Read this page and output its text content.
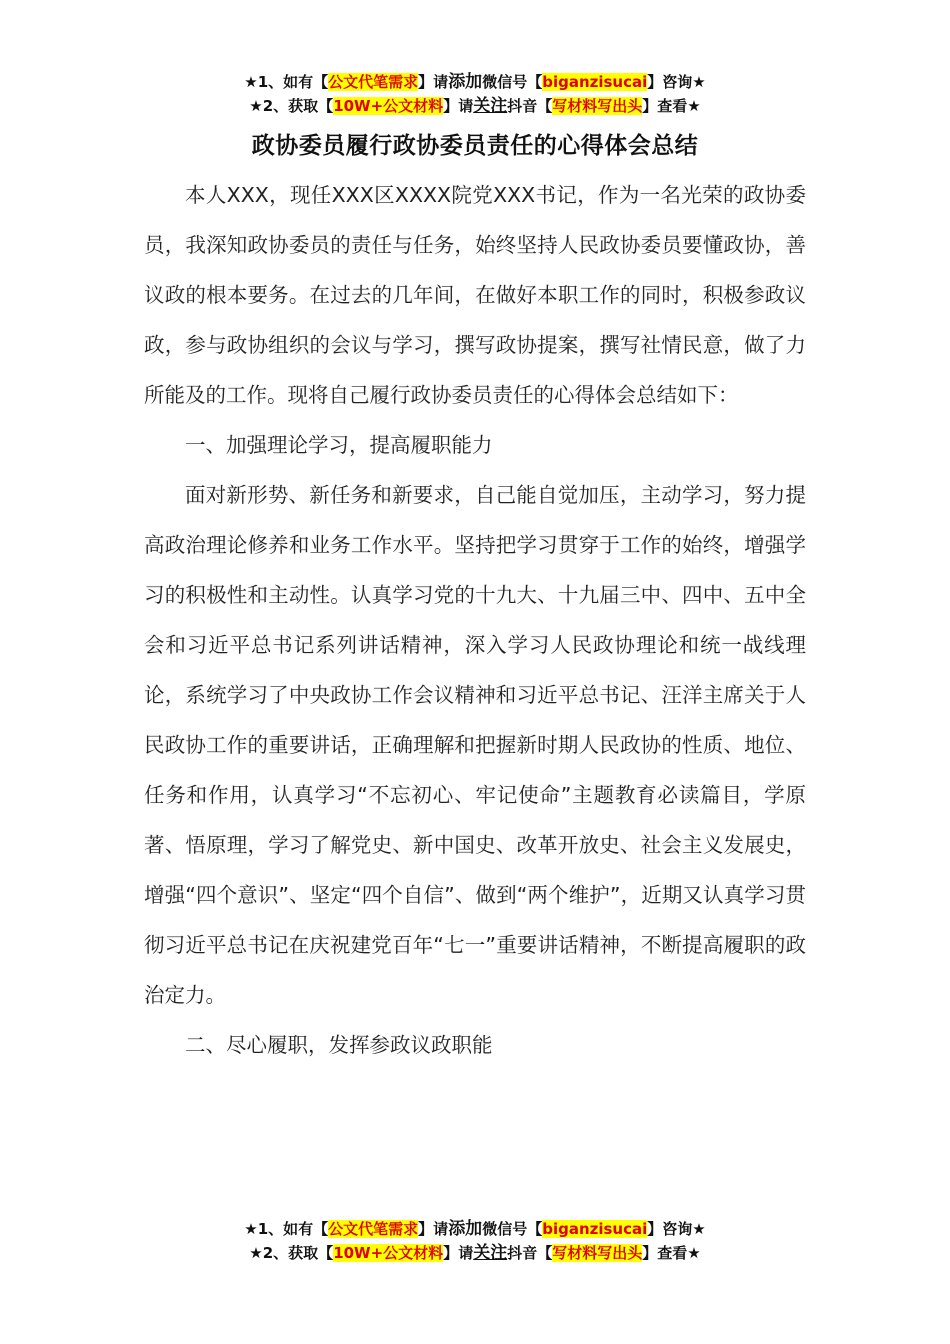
★1、如有【公文代笔需求】请添加微信号【biganzisucai】咨询★
★2、获取【10W+公文材料】请关注抖音【写材料写出头】查看★
政协委员履行政协委员责任的心得体会总结

本人XXX，现任XXX区XXXX院党XXX书记，作为一名光荣的政协委员，我深知政协委员的责任与任务，始终坚持人民政协委员要懂政协，善议政的根本要务。在过去的几年间，在做好本职工作的同时，积极参政议政，参与政协组织的会议与学习，撰写政协提案，撰写社情民意，做了力所能及的工作。现将自己履行政协委员责任的心得体会总结如下：

一、加强理论学习，提高履职能力

面对新形势、新任务和新要求，自己能自觉加压，主动学习，努力提高政治理论修养和业务工作水平。坚持把学习贯穿于工作的始终，增强学习的积极性和主动性。认真学习党的十九大、十九届三中、四中、五中全会和习近平总书记系列讲话精神，深入学习人民政协理论和统一战线理论，系统学习了中央政协工作会议精神和习近平总书记、汪洋主席关于人民政协工作的重要讲话，正确理解和把握新时期人民政协的性质、地位、任务和作用，认真学习“不忘初心、牢记使命”主题教育必读篇目，学原著、悟原理，学习了解党史、新中国史、改革开放史、社会主义发展史，增强“四个意识”、坚定“四个自信”、做到“两个维护”，近期又认真学习贯彻习近平总书记在庆祝建党百年“七一”重要讲话精神，不断提高履职的政治定力。

二、尽心履职，发挥参政议政职能

★1、如有【公文代笔需求】请添加微信号【biganzisucai】咨询★
★2、获取【10W+公文材料】请关注抖音【写材料写出头】查看★
